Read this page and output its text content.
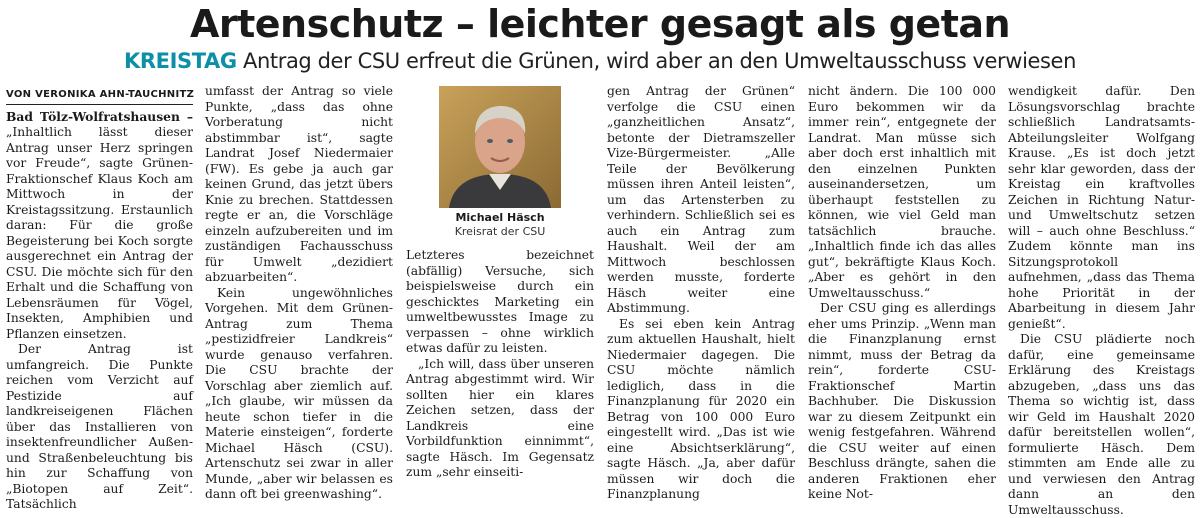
Artenschutz – leichter gesagt als getan
KREISTAG Antrag der CSU erfreut die Grünen, wird aber an den Umweltausschuss verwiesen
VON VERONIKA AHN-TAUCHNITZ

Bad Tölz-Wolfratshausen – „Inhaltlich lässt dieser Antrag unser Herz springen vor Freude“, sagte Grünen-Fraktionschef Klaus Koch am Mittwoch in der Kreistagssitzung. Erstaunlich daran: Für die große Begeisterung bei Koch sorgte ausgerechnet ein Antrag der CSU. Die möchte sich für den Erhalt und die Schaffung von Lebensräumen für Vögel, Insekten, Amphibien und Pflanzen einsetzen.

Der Antrag ist umfangreich. Die Punkte reichen vom Verzicht auf Pestizide auf landkreiseigenen Flächen über das Installieren von insektenfreundlicher Außen- und Straßenbeleuchtung bis hin zur Schaffung von „Biotopen auf Zeit“. Tatsächlich

umfasst der Antrag so viele Punkte, „dass das ohne Vorberatung nicht abstimmbar ist“, sagte Landrat Josef Niedermaier (FW). Es gebe ja auch gar keinen Grund, das jetzt übers Knie zu brechen. Stattdessen regte er an, die Vorschläge einzeln aufzubereiten und im zuständigen Fachausschuss für Umwelt „dezidiert abzuarbeiten“.

Kein ungewöhnliches Vorgehen. Mit dem Grünen-Antrag zum Thema „pestizidfreier Landkreis“ wurde genauso verfahren. Die CSU brachte der Vorschlag aber ziemlich auf. „Ich glaube, wir müssen da heute schon tiefer in die Materie einsteigen“, forderte Michael Häsch (CSU). Artenschutz sei zwar in aller Munde, „aber wir belassen es dann oft bei greenwashing“.

Michael Häsch
Kreisrat der CSU

Letzteres bezeichnet (abfällig) Versuche, sich beispielsweise durch ein geschicktes Marketing ein umweltbewusstes Image zu verpassen – ohne wirklich etwas dafür zu leisten.

„Ich will, dass über unseren Antrag abgestimmt wird. Wir sollten hier ein klares Zeichen setzen, dass der Landkreis eine Vorbildfunktion einnimmt“, sagte Häsch. Im Gegensatz zum „sehr einseiti-

gen Antrag der Grünen“ verfolge die CSU einen „ganzheitlichen Ansatz“, betonte der Dietramszeller Vize-Bürgermeister. „Alle Teile der Bevölkerung müssen ihren Anteil leisten“, um das Artensterben zu verhindern. Schließlich sei es auch ein Antrag zum Haushalt. Weil der am Mittwoch beschlossen werden musste, forderte Häsch weiter eine Abstimmung.

Es sei eben kein Antrag zum aktuellen Haushalt, hielt Niedermaier dagegen. Die CSU möchte nämlich lediglich, dass in die Finanzplanung für 2020 ein Betrag von 100 000 Euro eingestellt wird. „Das ist wie eine Absichtserklärung“, sagte Häsch. „Ja, aber dafür müssen wir doch die Finanzplanung

nicht ändern. Die 100 000 Euro bekommen wir da immer rein“, entgegnete der Landrat. Man müsse sich aber doch erst inhaltlich mit den einzelnen Punkten auseinandersetzen, um überhaupt feststellen zu können, wie viel Geld man tatsächlich brauche. „Inhaltlich finde ich das alles gut“, bekräftigte Klaus Koch. „Aber es gehört in den Umweltausschuss.“

Der CSU ging es allerdings eher ums Prinzip. „Wenn man die Finanzplanung ernst nimmt, muss der Betrag da rein“, forderte CSU-Fraktionschef Martin Bachhuber. Die Diskussion war zu diesem Zeitpunkt ein wenig festgefahren. Während die CSU weiter auf einen Beschluss drängte, sahen die anderen Fraktionen eher keine Not-

wendigkeit dafür. Den Lösungsvorschlag brachte schließlich Landratsamts-Abteilungsleiter Wolfgang Krause. „Es ist doch jetzt sehr klar geworden, dass der Kreistag ein kraftvolles Zeichen in Richtung Natur- und Umweltschutz setzen will – auch ohne Beschluss.“ Zudem könnte man ins Sitzungsprotokoll aufnehmen, „dass das Thema hohe Priorität in der Abarbeitung in diesem Jahr genießt“.

Die CSU plädierte noch dafür, eine gemeinsame Erklärung des Kreistags abzugeben, „dass uns das Thema so wichtig ist, dass wir Geld im Haushalt 2020 dafür bereitstellen wollen“, formulierte Häsch. Dem stimmten am Ende alle zu und verwiesen den Antrag dann an den Umweltausschuss.
